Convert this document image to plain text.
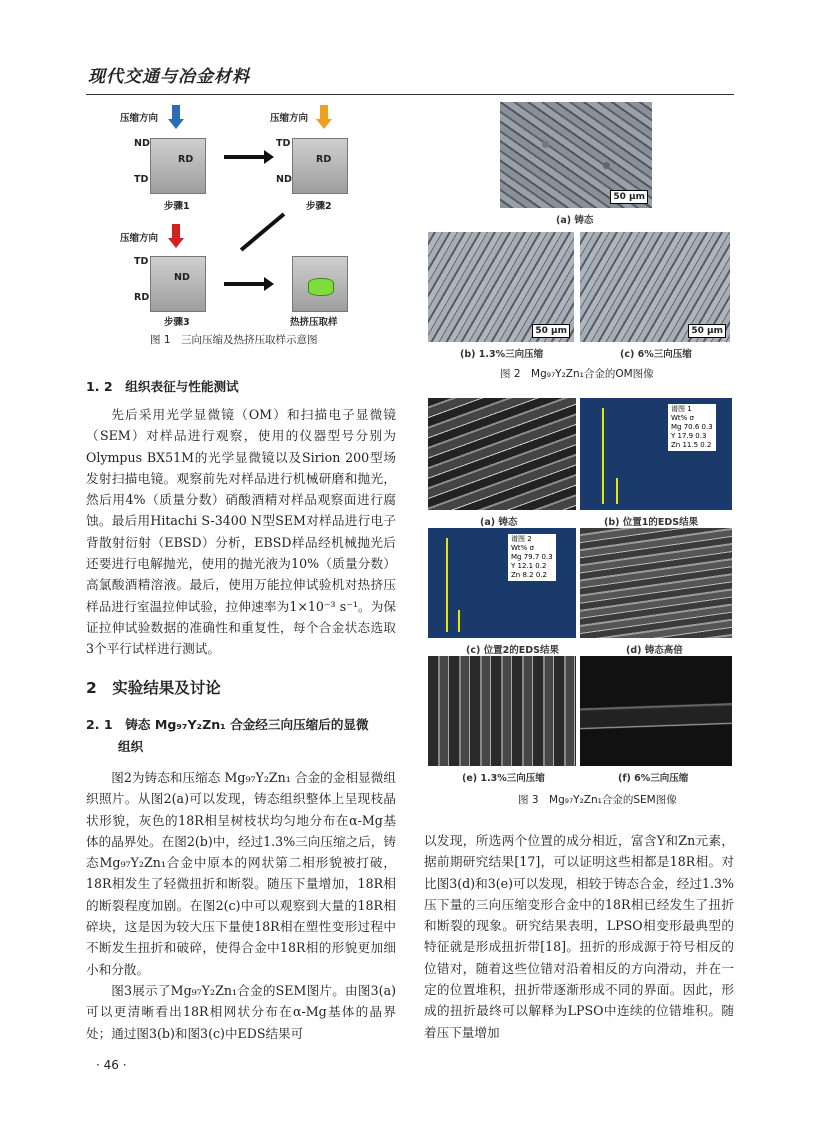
现代交通与冶金材料
压缩方向
ND
RD
TD
步骤1
压缩方向
TD
RD
ND
步骤2
压缩方向
TD
ND
RD
步骤3	热挤压取样
图 1　三向压缩及热挤压取样示意图
1. 2　组织表征与性能测试

先后采用光学显微镜（OM）和扫描电子显微镜（SEM）对样品进行观察，使用的仪器型号分别为Olympus BX51M的光学显微镜以及Sirion 200型场发射扫描电镜。观察前先对样品进行机械研磨和抛光，然后用4%（质量分数）硝酸酒精对样品观察面进行腐蚀。最后用Hitachi S-3400 N型SEM对样品进行电子背散射衍射（EBSD）分析，EBSD样品经机械抛光后还要进行电解抛光，使用的抛光液为10%（质量分数）高氯酸酒精溶液。最后，使用万能拉伸试验机对热挤压样品进行室温拉伸试验，拉伸速率为1×10⁻³ s⁻¹。为保证拉伸试验数据的准确性和重复性，每个合金状态选取3个平行试样进行测试。

2　实验结果及讨论
2. 1　铸态 Mg₉₇Y₂Zn₁ 合金经三向压缩后的显微
组织

图2为铸态和压缩态 Mg₉₇Y₂Zn₁ 合金的金相显微组织照片。从图2(a)可以发现，铸态组织整体上呈现枝晶状形貌，灰色的18R相呈树枝状均匀地分布在α-Mg基体的晶界处。在图2(b)中，经过1.3%三向压缩之后，铸态Mg₉₇Y₂Zn₁合金中原本的网状第二相形貌被打破，18R相发生了轻微扭折和断裂。随压下量增加，18R相的断裂程度加剧。在图2(c)中可以观察到大量的18R相碎块，这是因为较大压下量使18R相在塑性变形过程中不断发生扭折和破碎，使得合金中18R相的形貌更加细小和分散。

图3展示了Mg₉₇Y₂Zn₁合金的SEM图片。由图3(a)可以更清晰看出18R相网状分布在α-Mg基体的晶界处；通过图3(b)和图3(c)中EDS结果可

· 46 ·
50 μm
(a) 铸态
50 μm	50 μm
(b) 1.3%三向压缩	(c) 6%三向压缩
图 2　Mg₉₇Y₂Zn₁合金的OM图像
谱图 1
Wt% σ
Mg 70.6 0.3
Y 17.9 0.3
Zn 11.5 0.2
(a) 铸态	(b) 位置1的EDS结果
谱图 2
Wt% σ
Mg 79.7 0.3
Y 12.1 0.2
Zn 8.2 0.2
(c) 位置2的EDS结果	(d) 铸态高倍
(e) 1.3%三向压缩	(f) 6%三向压缩
图 3　Mg₉₇Y₂Zn₁合金的SEM图像

以发现，所选两个位置的成分相近，富含Y和Zn元素，据前期研究结果[17]，可以证明这些相都是18R相。对比图3(d)和3(e)可以发现，相较于铸态合金，经过1.3%压下量的三向压缩变形合金中的18R相已经发生了扭折和断裂的现象。研究结果表明，LPSO相变形最典型的特征就是形成扭折带[18]。扭折的形成源于符号相反的位错对，随着这些位错对沿着相反的方向滑动，并在一定的位置堆积，扭折带逐渐形成不同的界面。因此，形成的扭折最终可以解释为LPSO中连续的位错堆积。随着压下量增加
